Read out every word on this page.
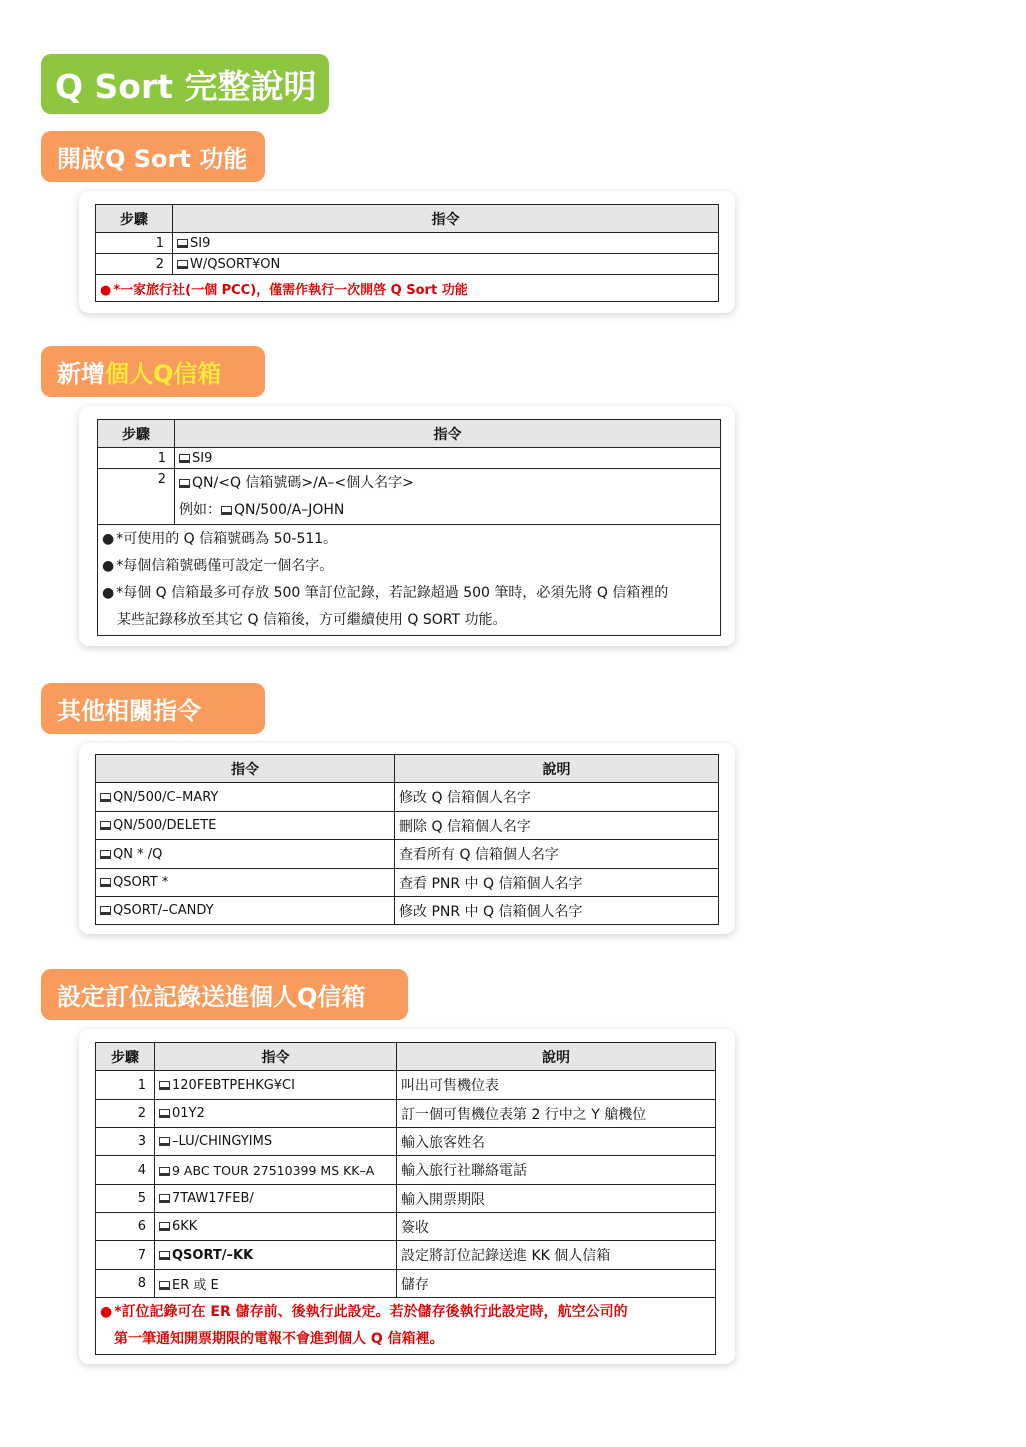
Q Sort 完整說明
開啟Q Sort 功能
步驟	指令
1	SI9
2	W/QSORT¥ON
● *一家旅行社(一個 PCC)，僅需作執行一次開啓 Q Sort 功能	
新增 個人Q信箱
步驟	指令
1	SI9
2	QN/<Q 信箱號碼>/A–<個人名字>
例如： QN/500/A–JOHN

● *可使用的 Q 信箱號碼為 50-511。
● *每個信箱號碼僅可設定一個名字。
● *每個 Q 信箱最多可存放 500 筆訂位記錄，若記錄超過 500 筆時，必須先將 Q 信箱裡的
某些記錄移放至其它 Q 信箱後，方可繼續使用 Q SORT 功能。	
其他相關指令
指令	說明
QN/500/C–MARY	修改 Q 信箱個人名字
QN/500/DELETE	刪除 Q 信箱個人名字
QN * /Q	查看所有 Q 信箱個人名字
QSORT *	查看 PNR 中 Q 信箱個人名字
QSORT/–CANDY	修改 PNR 中 Q 信箱個人名字
設定訂位記錄送進個人Q信箱
步驟	指令	說明
1	120FEBTPEHKG¥CI	叫出可售機位表
2	01Y2	訂一個可售機位表第 2 行中之 Y 艙機位
3	–LU/CHINGYIMS	輸入旅客姓名
4	9 ABC TOUR 27510399 MS KK–A	輸入旅行社聯絡電話
5	7TAW17FEB/	輸入開票期限
6	6KK	簽收
7	QSORT/–KK	設定將訂位記錄送進 KK 個人信箱
8	ER 或 E	儲存

● *訂位記錄可在 ER 儲存前、後執行此設定。若於儲存後執行此設定時，航空公司的
第一筆通知開票期限的電報不會進到個人 Q 信箱裡。		
